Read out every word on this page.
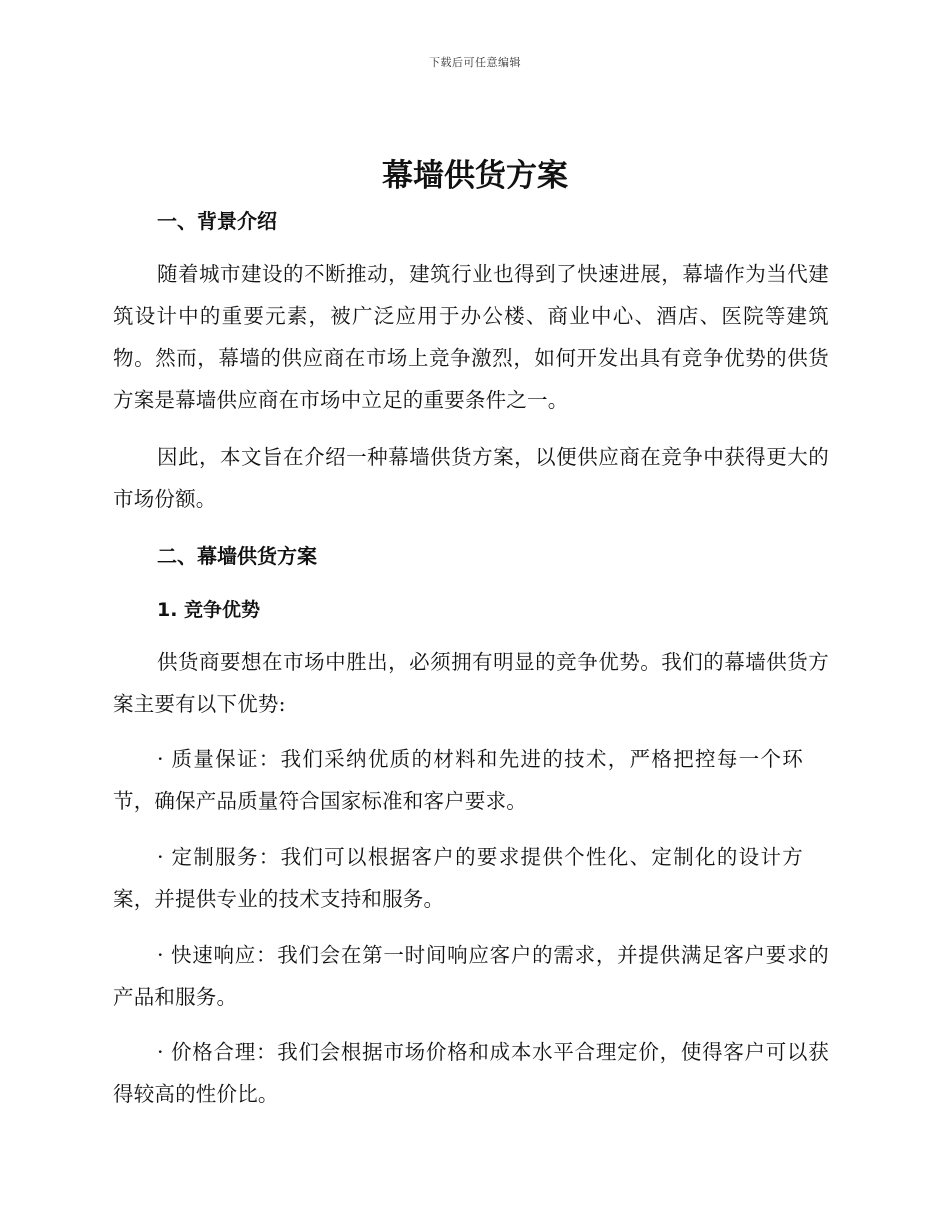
下载后可任意编辑
幕墙供货方案
一、背景介绍

随着城市建设的不断推动，建筑行业也得到了快速进展，幕墙作为当代建筑设计中的重要元素，被广泛应用于办公楼、商业中心、酒店、医院等建筑物。然而，幕墙的供应商在市场上竞争激烈，如何开发出具有竞争优势的供货方案是幕墙供应商在市场中立足的重要条件之一。

因此，本文旨在介绍一种幕墙供货方案，以便供应商在竞争中获得更大的市场份额。

二、幕墙供货方案
1. 竞争优势

供货商要想在市场中胜出，必须拥有明显的竞争优势。我们的幕墙供货方案主要有以下优势:

· 质量保证：我们采纳优质的材料和先进的技术，严格把控每一个环节，确保产品质量符合国家标准和客户要求。

· 定制服务：我们可以根据客户的要求提供个性化、定制化的设计方案，并提供专业的技术支持和服务。

· 快速响应：我们会在第一时间响应客户的需求，并提供满足客户要求的产品和服务。

· 价格合理：我们会根据市场价格和成本水平合理定价，使得客户可以获得较高的性价比。
